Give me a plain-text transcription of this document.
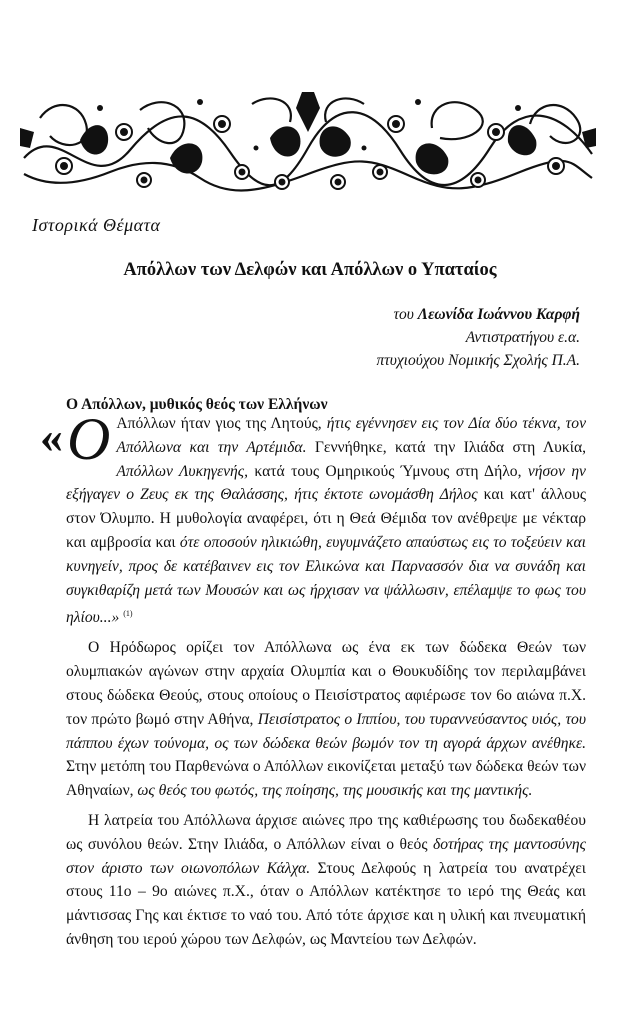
Ιστορικά Θέματα
Απόλλων των Δελφών και Απόλλων ο Υπαταίος
του Λεωνίδα Ιωάννου Καρφή
Αντιστρατήγου ε.α.
πτυχιούχου Νομικής Σχολής Π.Α.
Ο Απόλλων, μυθικός θεός των Ελλήνων

« Ο Απόλλων ήταν γιος της Λητούς, ήτις εγέννησεν εις τον Δία δύο τέκνα, τον Απόλλωνα και την Αρτέμιδα. Γεννήθηκε, κατά την Ιλιάδα στη Λυκία, Απόλλων Λυκηγενής, κατά τους Ομηρικούς Ύμνους στη Δήλο, νήσον ην εξήγαγεν ο Ζευς εκ της Θαλάσσης, ήτις έκτοτε ωνομάσθη Δήλος και κατ' άλλους στον Όλυμπο. Η μυθολογία αναφέρει, ότι η Θεά Θέμιδα τον ανέθρεψε με νέκταρ και αμβροσία και ότε οποσούν ηλικιώθη, ευγυμνάζετο απαύστως εις το τοξεύειν και κυνηγείν, προς δε κατέβαινεν εις τον Ελικώνα και Παρνασσόν δια να συνάδη και συγκιθαρίζη μετά των Μουσών και ως ήρχισαν να ψάλλωσιν, επέλαμψε το φως του ηλίου...» $^{(1)}$

Ο Ηρόδωρος ορίζει τον Απόλλωνα ως ένα εκ των δώδεκα Θεών των ολυμπιακών αγώνων στην αρχαία Ολυμπία και ο Θουκυδίδης τον περιλαμβάνει στους δώδεκα Θεούς, στους οποίους ο Πεισίστρατος αφιέρωσε τον 6ο αιώνα π.Χ. τον πρώτο βωμό στην Αθήνα, Πεισίστρατος ο Ιππίου, του τυραννεύσαντος υιός, του πάππου έχων τούνομα, ος των δώδεκα θεών βωμόν τον τη αγορά άρχων ανέθηκε. Στην μετόπη του Παρθενώνα ο Απόλλων εικονίζεται μεταξύ των δώδεκα θεών των Αθηναίων, ως θεός του φωτός, της ποίησης, της μουσικής και της μαντικής.

Η λατρεία του Απόλλωνα άρχισε αιώνες προ της καθιέρωσης του δωδεκαθέου ως συνόλου θεών. Στην Ιλιάδα, ο Απόλλων είναι ο θεός δοτήρας της μαντοσύνης στον άριστο των οιωνοπόλων Κάλχα. Στους Δελφούς η λατρεία του ανατρέχει στους 11ο – 9ο αιώνες π.Χ., όταν ο Απόλλων κατέκτησε το ιερό της Θεάς και μάντισσας Γης και έκτισε το ναό του. Από τότε άρχισε και η υλική και πνευματική άνθηση του ιερού χώρου των Δελφών, ως Μαντείου των Δελφών.
